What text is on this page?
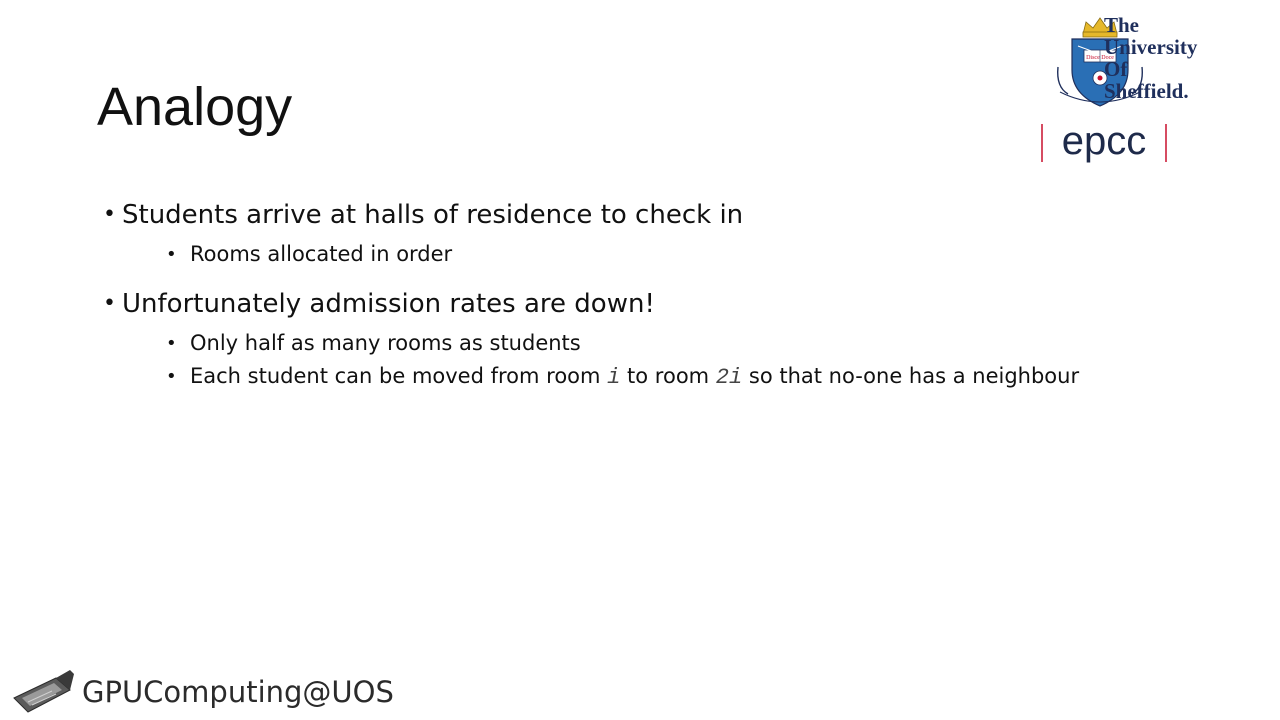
Analogy
• Students arrive at halls of residence to check in
• Rooms allocated in order
• Unfortunately admission rates are down!
• Only half as many rooms as students
• Each student can be moved from room i to room 2i so that no-one has a neighbour
Disce Doce
The
University
Of
Sheffield.
epcc
GPUComputing@UOS
